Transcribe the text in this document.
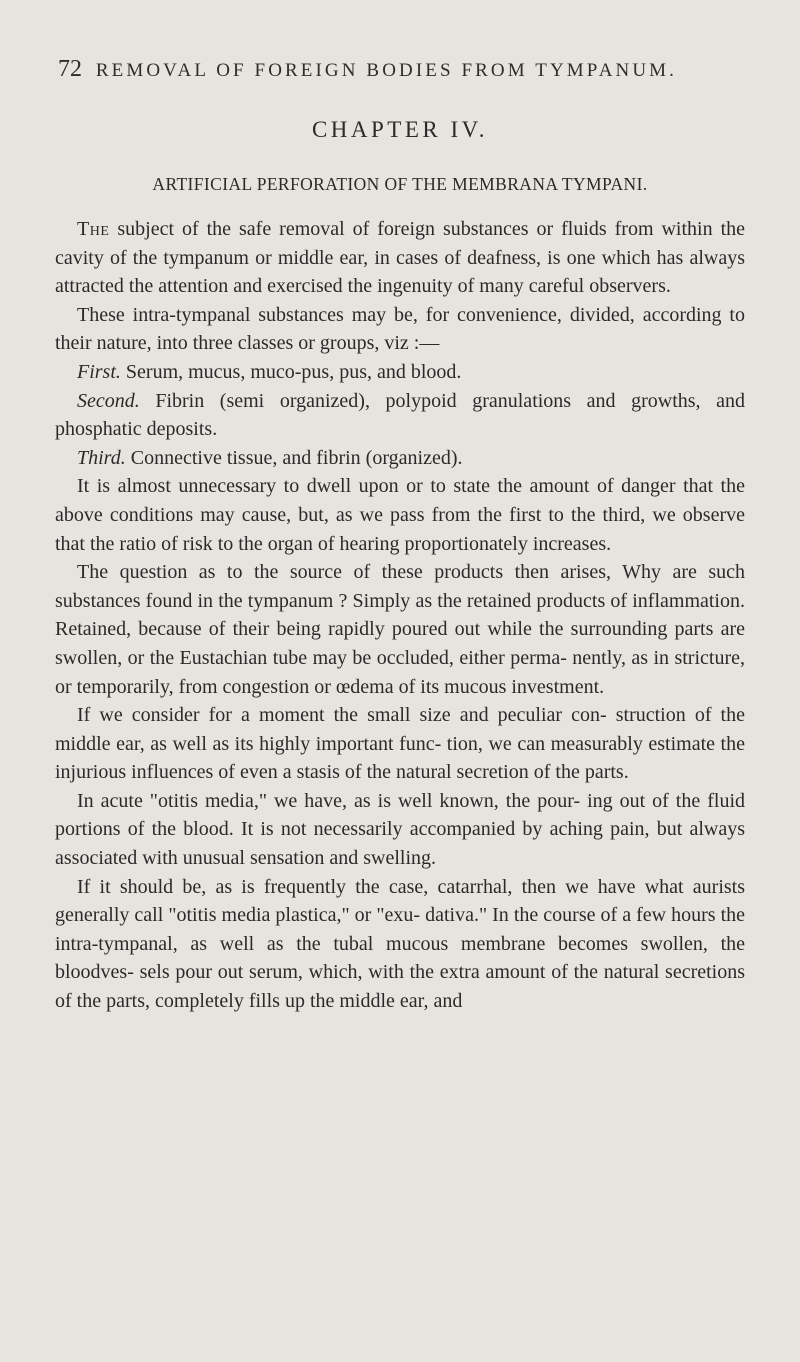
72 REMOVAL OF FOREIGN BODIES FROM TYMPANUM.
CHAPTER IV.
ARTIFICIAL PERFORATION OF THE MEMBRANA TYMPANI.

The subject of the safe removal of foreign substances or fluids from within the cavity of the tympanum or middle ear, in cases of deafness, is one which has always attracted the attention and exercised the ingenuity of many careful observers.

These intra-tympanal substances may be, for convenience, divided, according to their nature, into three classes or groups, viz :—

First. Serum, mucus, muco-pus, pus, and blood.

Second. Fibrin (semi organized), polypoid granulations and growths, and phosphatic deposits.

Third. Connective tissue, and fibrin (organized).

It is almost unnecessary to dwell upon or to state the amount of danger that the above conditions may cause, but, as we pass from the first to the third, we observe that the ratio of risk to the organ of hearing proportionately increases.

The question as to the source of these products then arises, Why are such substances found in the tympanum ? Simply as the retained products of inflammation. Retained, because of their being rapidly poured out while the surrounding parts are swollen, or the Eustachian tube may be occluded, either perma- nently, as in stricture, or temporarily, from congestion or œdema of its mucous investment.

If we consider for a moment the small size and peculiar con- struction of the middle ear, as well as its highly important func- tion, we can measurably estimate the injurious influences of even a stasis of the natural secretion of the parts.

In acute "otitis media," we have, as is well known, the pour- ing out of the fluid portions of the blood. It is not necessarily accompanied by aching pain, but always associated with unusual sensation and swelling.

If it should be, as is frequently the case, catarrhal, then we have what aurists generally call "otitis media plastica," or "exu- dativa." In the course of a few hours the intra-tympanal, as well as the tubal mucous membrane becomes swollen, the bloodves- sels pour out serum, which, with the extra amount of the natural secretions of the parts, completely fills up the middle ear, and
